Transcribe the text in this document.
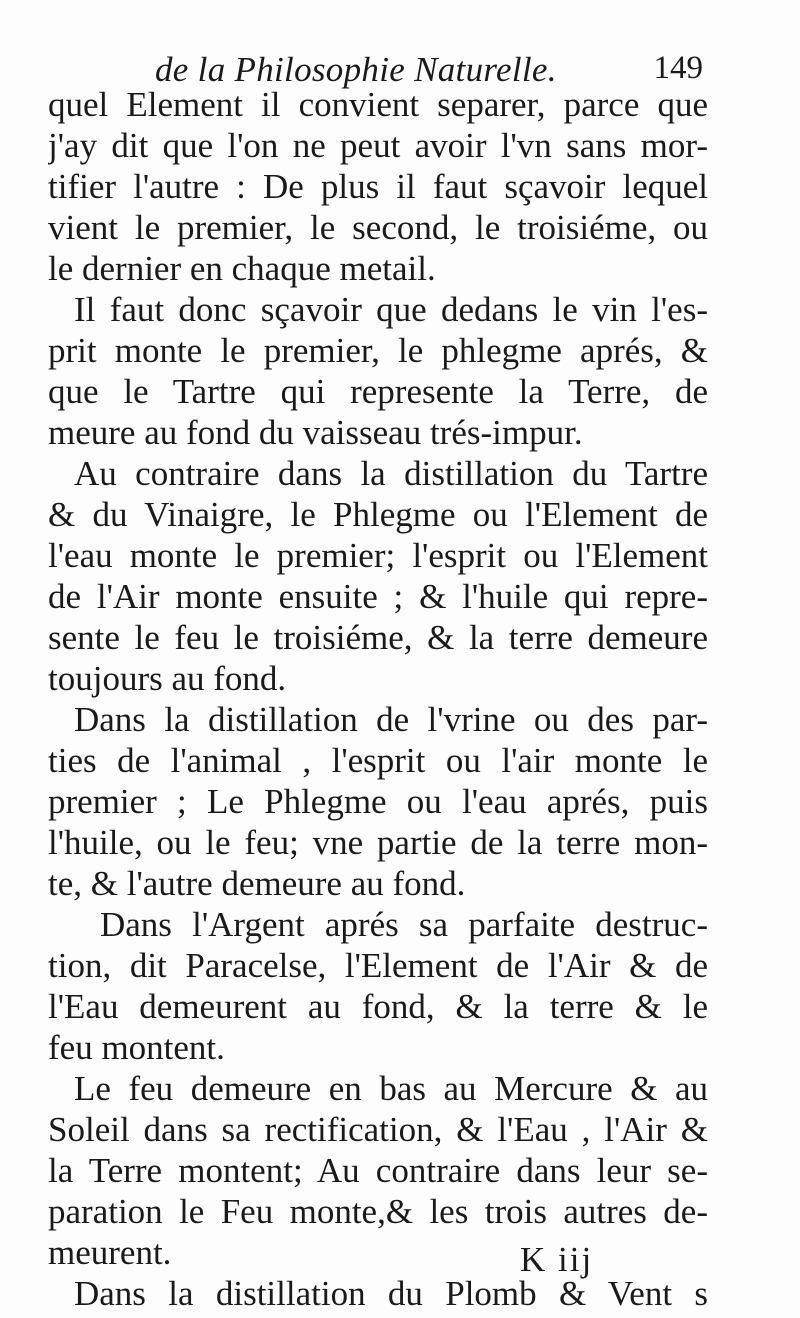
de la Philosophie Naturelle.	149
quel Element il convient separer, parce que
j'ay dit que l'on ne peut avoir l'vn sans mor-
tifier l'autre : De plus il faut sçavoir lequel
vient le premier, le second, le troisiéme, ou
le dernier en chaque metail.
Il faut donc sçavoir que dedans le vin l'es-
prit monte le premier, le phlegme aprés, &
que le Tartre qui represente la Terre, de
meure au fond du vaisseau trés-impur.
Au contraire dans la distillation du Tartre
& du Vinaigre, le Phlegme ou l'Element de
l'eau monte le premier; l'esprit ou l'Element
de l'Air monte ensuite ; & l'huile qui repre-
sente le feu le troisiéme, & la terre demeure
toujours au fond.
Dans la distillation de l'vrine ou des par-
ties de l'animal , l'esprit ou l'air monte le
premier ; Le Phlegme ou l'eau aprés, puis
l'huile, ou le feu; vne partie de la terre mon-
te, & l'autre demeure au fond.
Dans l'Argent aprés sa parfaite destruc-
tion, dit Paracelse, l'Element de l'Air & de
l'Eau demeurent au fond, & la terre & le
feu montent.
Le feu demeure en bas au Mercure & au
Soleil dans sa rectification, & l'Eau , l'Air &
la Terre montent; Au contraire dans leur se-
paration le Feu monte,& les trois autres de-
meurent.
Dans la distillation du Plomb & Vent s
K iij
